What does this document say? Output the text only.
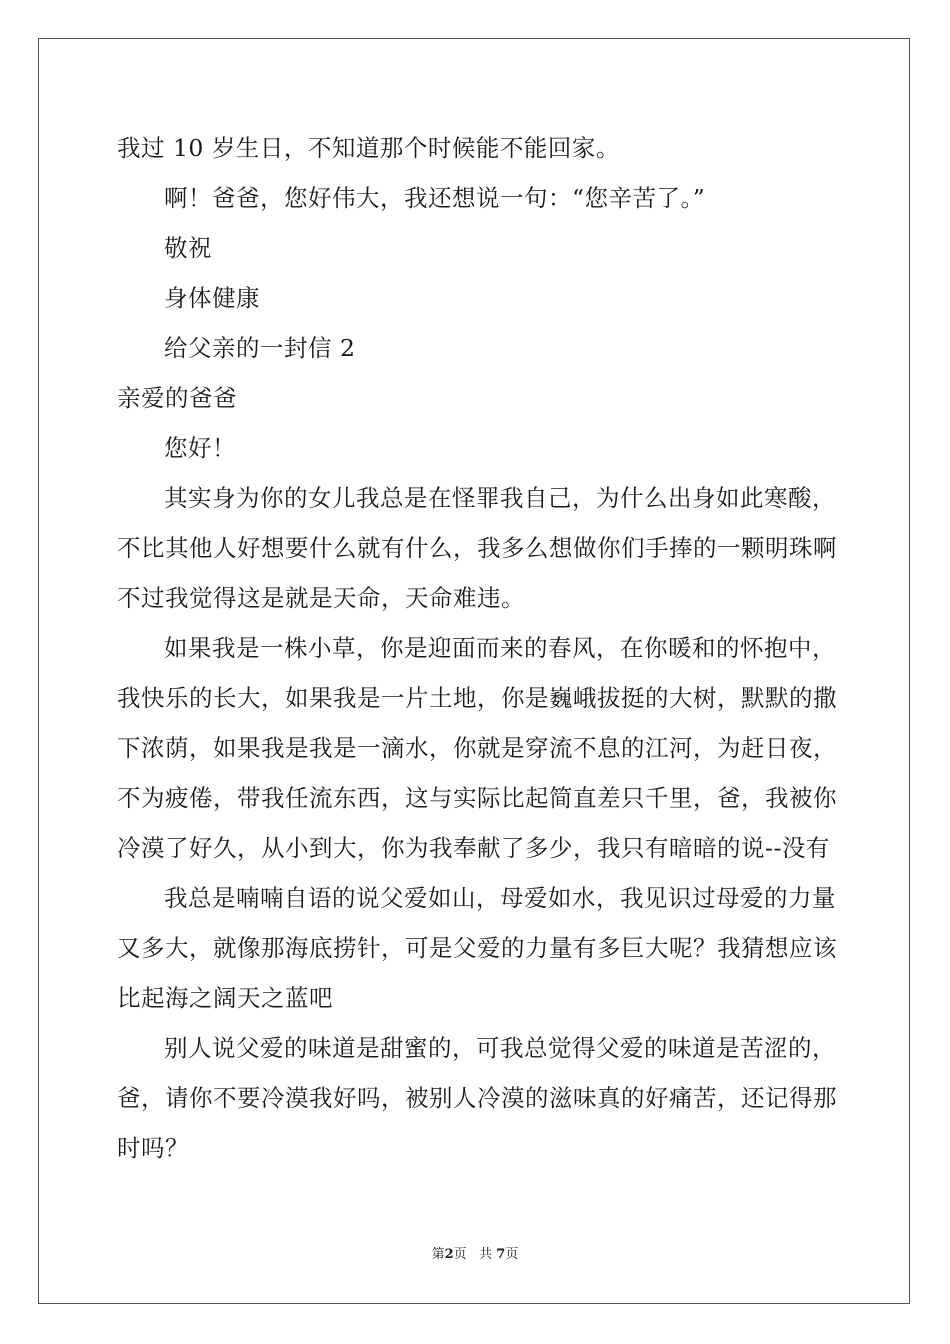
我过 10 岁生日，不知道那个时候能不能回家。
啊！爸爸，您好伟大，我还想说一句：“您辛苦了。”
敬祝
身体健康
给父亲的一封信 2
亲爱的爸爸
您好！
其实身为你的女儿我总是在怪罪我自己，为什么出身如此寒酸，
不比其他人好想要什么就有什么，我多么想做你们手捧的一颗明珠啊
不过我觉得这是就是天命，天命难违。
如果我是一株小草，你是迎面而来的春风，在你暖和的怀抱中，
我快乐的长大，如果我是一片土地，你是巍峨拔挺的大树，默默的撒
下浓荫，如果我是我是一滴水，你就是穿流不息的江河，为赶日夜，
不为疲倦，带我任流东西，这与实际比起简直差只千里，爸，我被你
冷漠了好久，从小到大，你为我奉献了多少，我只有暗暗的说--没有
我总是喃喃自语的说父爱如山，母爱如水，我见识过母爱的力量
又多大，就像那海底捞针，可是父爱的力量有多巨大呢？我猜想应该
比起海之阔天之蓝吧
别人说父爱的味道是甜蜜的，可我总觉得父爱的味道是苦涩的，
爸，请你不要冷漠我好吗，被别人冷漠的滋味真的好痛苦，还记得那
时吗？
第2页 共 7页
